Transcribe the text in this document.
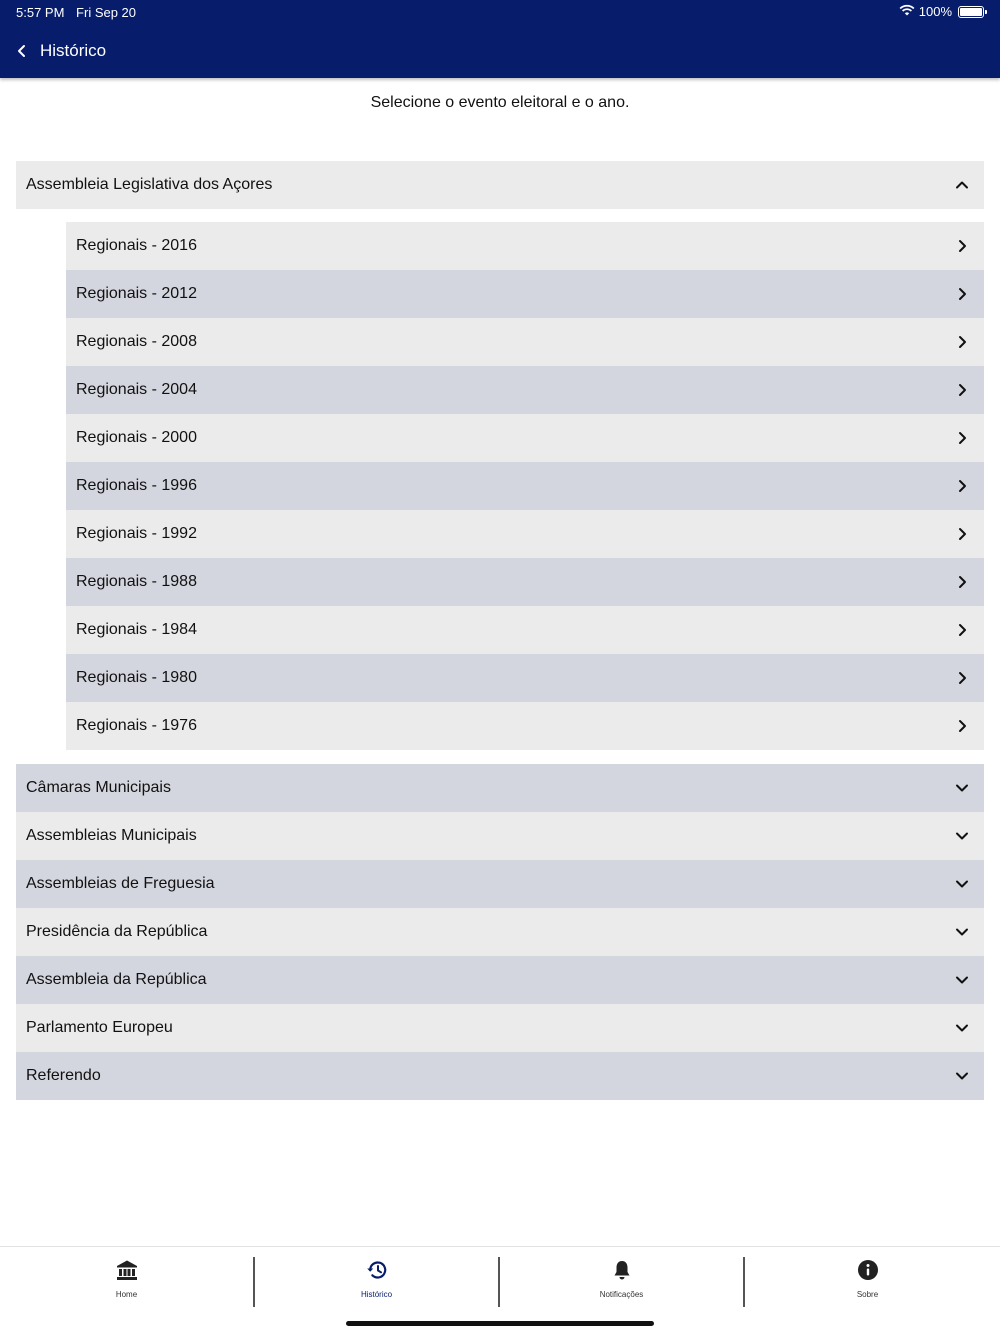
5:57 PM Fri Sep 20	100%
Histórico
Selecione o evento eleitoral e o ano.
Assembleia Legislativa dos Açores
Regionais - 2016
Regionais - 2012
Regionais - 2008
Regionais - 2004
Regionais - 2000
Regionais - 1996
Regionais - 1992
Regionais - 1988
Regionais - 1984
Regionais - 1980
Regionais - 1976
Câmaras Municipais
Assembleias Municipais
Assembleias de Freguesia
Presidência da República
Assembleia da República
Parlamento Europeu
Referendo
Home	Histórico	Notificações	Sobre
